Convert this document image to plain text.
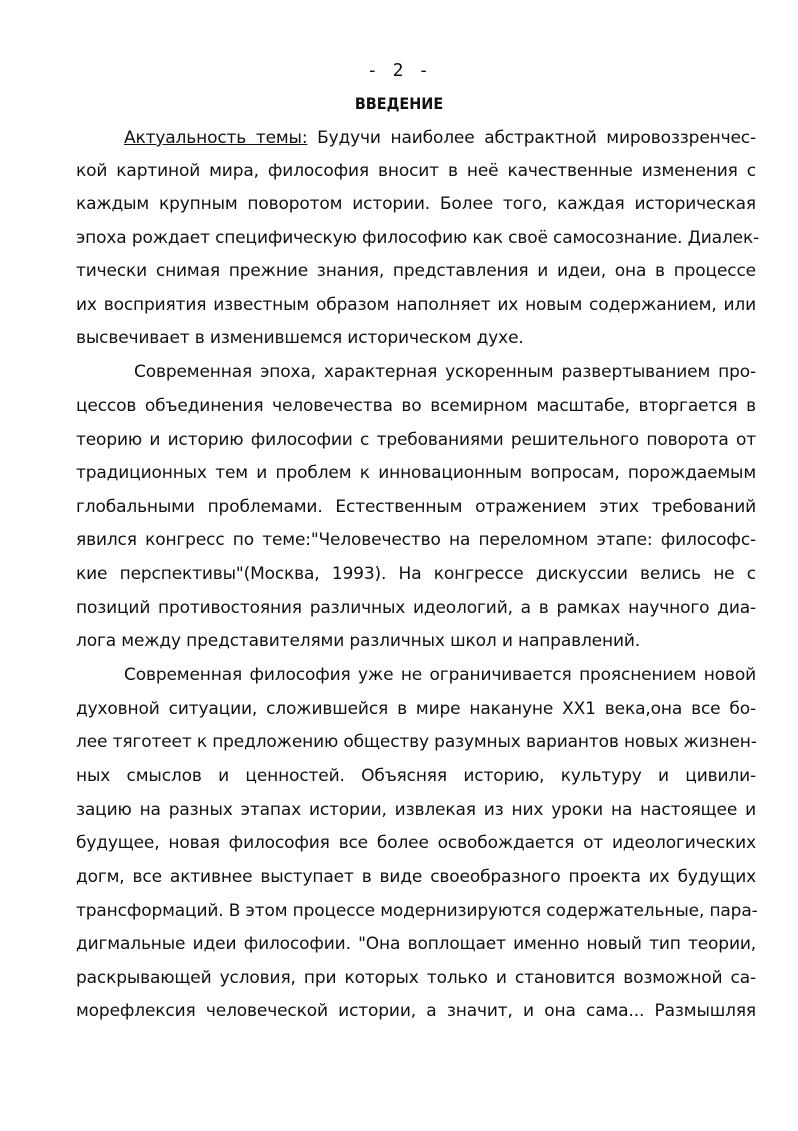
- 2 -
ВВЕДЕНИЕ
Актуальность темы: Будучи наиболее абстрактной мировоззренчес-
кой картиной мира, философия вносит в неё качественные изменения с
каждым крупным поворотом истории. Более того, каждая историческая
эпоха рождает специфическую философию как своё самосознание. Диалек-
тически снимая прежние знания, представления и идеи, она в процессе
их восприятия известным образом наполняет их новым содержанием, или
высвечивает в изменившемся историческом духе.
Современная эпоха, характерная ускоренным развертыванием про-
цессов объединения человечества во всемирном масштабе, вторгается в
теорию и историю философии с требованиями решительного поворота от
традиционных тем и проблем к инновационным вопросам, порождаемым
глобальными проблемами. Естественным отражением этих требований
явился конгресс по теме:"Человечество на переломном этапе: философс-
кие перспективы"(Москва, 1993). На конгрессе дискуссии велись не с
позиций противостояния различных идеологий, а в рамках научного диа-
лога между представителями различных школ и направлений.
Современная философия уже не ограничивается прояснением новой
духовной ситуации, сложившейся в мире накануне XX1 века,она все бо-
лее тяготеет к предложению обществу разумных вариантов новых жизнен-
ных смыслов и ценностей. Объясняя историю, культуру и цивили-
зацию на разных этапах истории, извлекая из них уроки на настоящее и
будущее, новая философия все более освобождается от идеологических
догм, все активнее выступает в виде своеобразного проекта их будущих
трансформаций. В этом процессе модернизируются содержательные, пара-
дигмальные идеи философии. "Она воплощает именно новый тип теории,
раскрывающей условия, при которых только и становится возможной са-
морефлексия человеческой истории, а значит, и она сама... Размышляя
